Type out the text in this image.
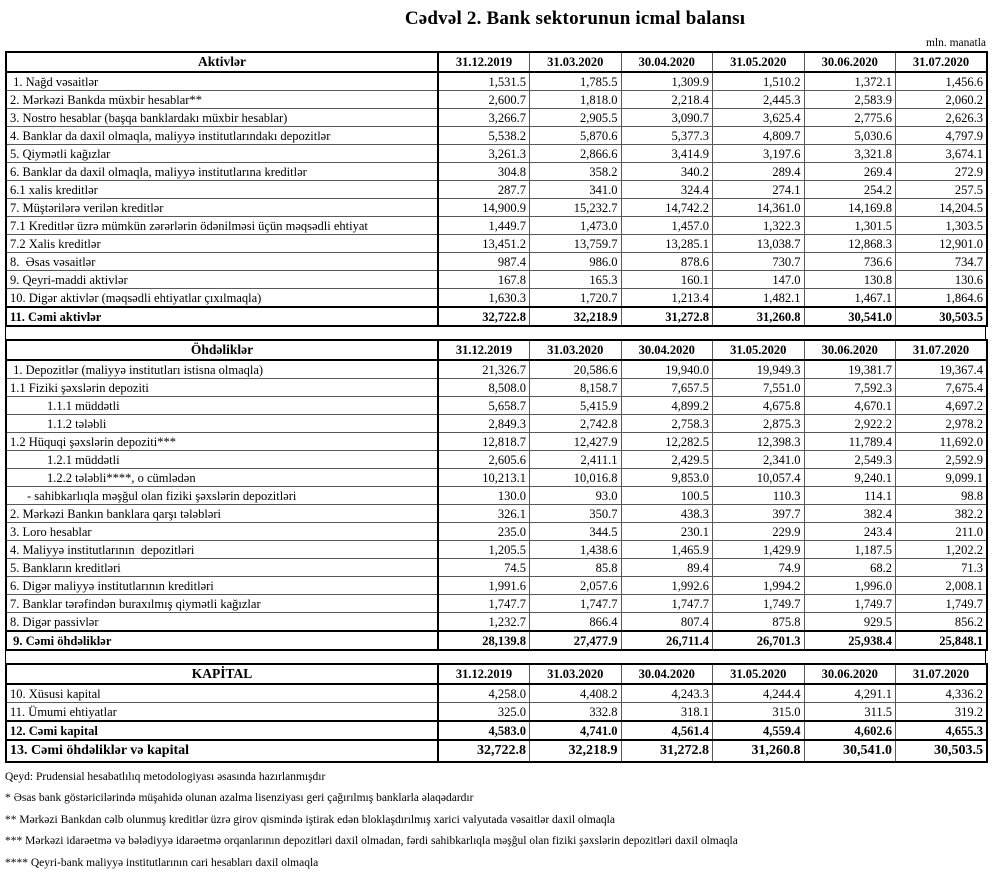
Cədvəl 2. Bank sektorunun icmal balansı
mln. manatla
Aktivlər	31.12.2019	31.03.2020	30.04.2020	31.05.2020	30.06.2020	31.07.2020
1. Nağd vəsaitlər	1,531.5	1,785.5	1,309.9	1,510.2	1,372.1	1,456.6
2. Mərkəzi Bankda müxbir hesablar**	2,600.7	1,818.0	2,218.4	2,445.3	2,583.9	2,060.2
3. Nostro hesablar (başqa banklardakı müxbir hesablar)	3,266.7	2,905.5	3,090.7	3,625.4	2,775.6	2,626.3
4. Banklar da daxil olmaqla, maliyyə institutlarındakı depozitlər	5,538.2	5,870.6	5,377.3	4,809.7	5,030.6	4,797.9
5. Qiymətli kağızlar	3,261.3	2,866.6	3,414.9	3,197.6	3,321.8	3,674.1
6. Banklar da daxil olmaqla, maliyyə institutlarına kreditlər	304.8	358.2	340.2	289.4	269.4	272.9
6.1 xalis kreditlər	287.7	341.0	324.4	274.1	254.2	257.5
7. Müştərilərə verilən kreditlər	14,900.9	15,232.7	14,742.2	14,361.0	14,169.8	14,204.5
7.1 Kreditlər üzrə mümkün zərərlərin ödənilməsi üçün məqsədli ehtiyat	1,449.7	1,473.0	1,457.0	1,322.3	1,301.5	1,303.5
7.2 Xalis kreditlər	13,451.2	13,759.7	13,285.1	13,038.7	12,868.3	12,901.0
8.  Əsas vəsaitlər	987.4	986.0	878.6	730.7	736.6	734.7
9. Qeyri-maddi aktivlər	167.8	165.3	160.1	147.0	130.8	130.6
10. Digər aktivlər (məqsədli ehtiyatlar çıxılmaqla)	1,630.3	1,720.7	1,213.4	1,482.1	1,467.1	1,864.6
11. Cəmi aktivlər	32,722.8	32,218.9	31,272.8	31,260.8	30,541.0	30,503.5
Öhdəliklər	31.12.2019	31.03.2020	30.04.2020	31.05.2020	30.06.2020	31.07.2020
1. Depozitlər (maliyyə institutları istisna olmaqla)	21,326.7	20,586.6	19,940.0	19,949.3	19,381.7	19,367.4
1.1 Fiziki şəxslərin depoziti	8,508.0	8,158.7	7,657.5	7,551.0	7,592.3	7,675.4
1.1.1 müddətli	5,658.7	5,415.9	4,899.2	4,675.8	4,670.1	4,697.2
1.1.2 tələbli	2,849.3	2,742.8	2,758.3	2,875.3	2,922.2	2,978.2
1.2 Hüquqi şəxslərin depoziti***	12,818.7	12,427.9	12,282.5	12,398.3	11,789.4	11,692.0
1.2.1 müddətli	2,605.6	2,411.1	2,429.5	2,341.0	2,549.3	2,592.9
1.2.2 tələbli****, o cümlədən	10,213.1	10,016.8	9,853.0	10,057.4	9,240.1	9,099.1
- sahibkarlıqla məşğul olan fiziki şəxslərin depozitləri	130.0	93.0	100.5	110.3	114.1	98.8
2. Mərkəzi Bankın banklara qarşı tələbləri	326.1	350.7	438.3	397.7	382.4	382.2
3. Loro hesablar	235.0	344.5	230.1	229.9	243.4	211.0
4. Maliyyə institutlarının  depozitləri	1,205.5	1,438.6	1,465.9	1,429.9	1,187.5	1,202.2
5. Bankların kreditləri	74.5	85.8	89.4	74.9	68.2	71.3
6. Digər maliyyə institutlarının kreditləri	1,991.6	2,057.6	1,992.6	1,994.2	1,996.0	2,008.1
7. Banklar tərəfindən buraxılmış qiymətli kağızlar	1,747.7	1,747.7	1,747.7	1,749.7	1,749.7	1,749.7
8. Digər passivlər	1,232.7	866.4	807.4	875.8	929.5	856.2
9. Cəmi öhdəliklər	28,139.8	27,477.9	26,711.4	26,701.3	25,938.4	25,848.1
KAPİTAL	31.12.2019	31.03.2020	30.04.2020	31.05.2020	30.06.2020	31.07.2020
10. Xüsusi kapital	4,258.0	4,408.2	4,243.3	4,244.4	4,291.1	4,336.2
11. Ümumi ehtiyatlar	325.0	332.8	318.1	315.0	311.5	319.2
12. Cəmi kapital	4,583.0	4,741.0	4,561.4	4,559.4	4,602.6	4,655.3
13. Cəmi öhdəliklər və kapital	32,722.8	32,218.9	31,272.8	31,260.8	30,541.0	30,503.5
Qeyd: Prudensial hesabatlılıq metodologiyası əsasında hazırlanmışdır
* Əsas bank göstəricilərində müşahidə olunan azalma lisenziyası geri çağırılmış banklarla əlaqədardır
** Mərkəzi Bankdan cəlb olunmuş kreditlər üzrə girov qismində iştirak edən bloklaşdırılmış xarici valyutada vəsaitlər daxil olmaqla
*** Mərkəzi idarəetmə və bələdiyyə idarəetmə orqanlarının depozitləri daxil olmadan, fərdi sahibkarlıqla məşğul olan fiziki şəxslərin depozitləri daxil olmaqla
**** Qeyri-bank maliyyə institutlarının cari hesabları daxil olmaqla
